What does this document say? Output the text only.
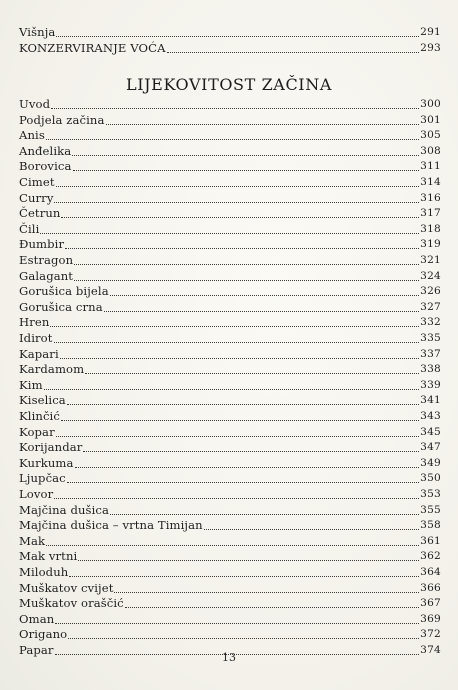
​
Višnja	291
KONZERVIRANJE VOĆA	293
LIJEKOVITOST ZAČINA
Uvod	300
Podjela začina	301
Anis	305
Anđelika	308
Borovica	311
Cimet	314
Curry	316
Četrun	317
Čili	318
Đumbir	319
Estragon	321
Galagant	324
Gorušica bijela	326
Gorušica crna	327
Hren	332
Idirot	335
Kapari	337
Kardamom	338
Kim	339
Kiselica	341
Klinčić	343
Kopar	345
Korijandar	347
Kurkuma	349
Ljupčac	350
Lovor	353
Majčina dušica	355
Majčina dušica – vrtna Timijan	358
Mak	361
Mak vrtni	362
Miloduh	364
Muškatov cvijet	366
Muškatov oraščić	367
Oman	369
Origano	372
Papar	374
13
